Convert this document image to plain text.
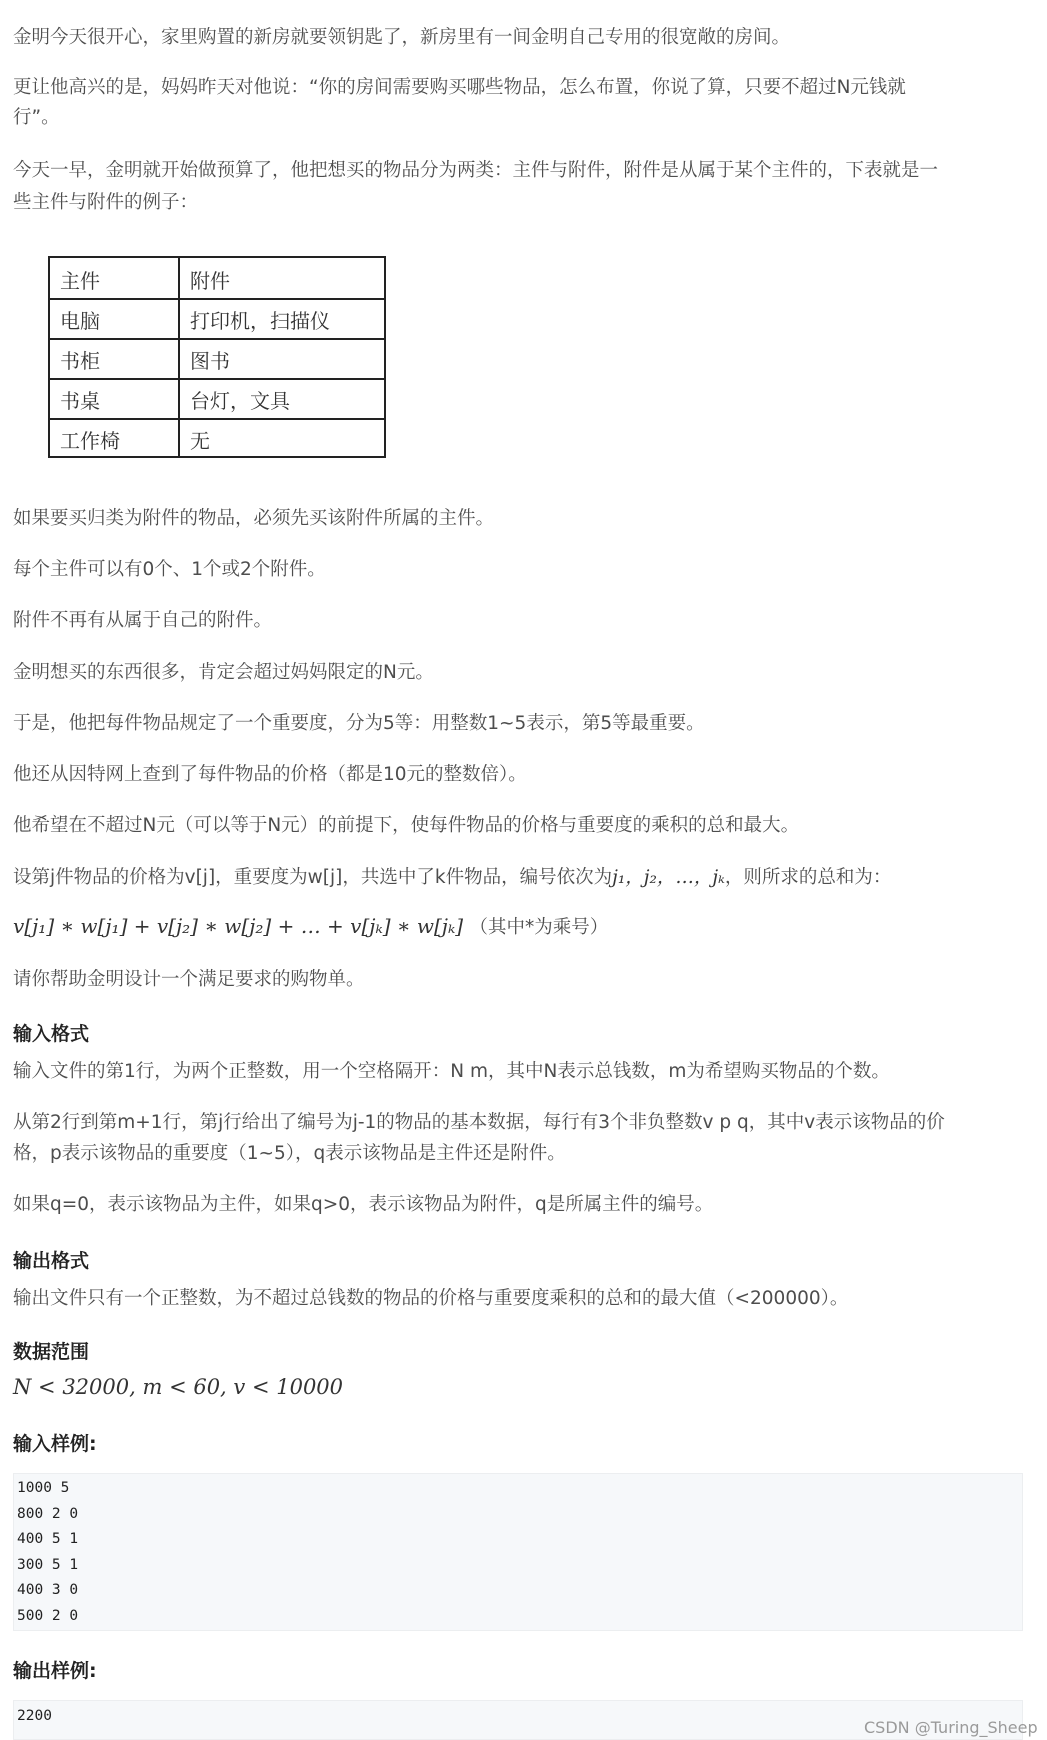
金明今天很开心，家里购置的新房就要领钥匙了，新房里有一间金明自己专用的很宽敞的房间。
更让他高兴的是，妈妈昨天对他说：“你的房间需要购买哪些物品，怎么布置，你说了算，只要不超过N元钱就
行”。
今天一早，金明就开始做预算了，他把想买的物品分为两类：主件与附件，附件是从属于某个主件的，下表就是一
些主件与附件的例子：
主件	附件
电脑	打印机，扫描仪
书柜	图书
书桌	台灯，文具
工作椅	无
如果要买归类为附件的物品，必须先买该附件所属的主件。
每个主件可以有0个、1个或2个附件。
附件不再有从属于自己的附件。
金明想买的东西很多，肯定会超过妈妈限定的N元。
于是，他把每件物品规定了一个重要度，分为5等：用整数1~5表示，第5等最重要。
他还从因特网上查到了每件物品的价格（都是10元的整数倍）。
他希望在不超过N元（可以等于N元）的前提下，使每件物品的价格与重要度的乘积的总和最大。
设第j件物品的价格为v[j]，重要度为w[j]，共选中了k件物品，编号依次为j₁，j₂，…，jₖ，则所求的总和为：
v[j₁] ∗ w[j₁] + v[j₂] ∗ w[j₂] + … + v[jₖ] ∗ w[jₖ] （其中*为乘号）
请你帮助金明设计一个满足要求的购物单。
输入格式
输入文件的第1行，为两个正整数，用一个空格隔开：N m，其中N表示总钱数，m为希望购买物品的个数。
从第2行到第m+1行，第j行给出了编号为j-1的物品的基本数据，每行有3个非负整数v p q，其中v表示该物品的价
格，p表示该物品的重要度（1~5），q表示该物品是主件还是附件。
如果q=0，表示该物品为主件，如果q>0，表示该物品为附件，q是所属主件的编号。
输出格式
输出文件只有一个正整数，为不超过总钱数的物品的价格与重要度乘积的总和的最大值（<200000）。
数据范围
N < 32000, m < 60, v < 10000
输入样例:
1000 5
800 2 0
400 5 1
300 5 1
400 3 0
500 2 0
输出样例:
2200
CSDN @Turing_Sheep
